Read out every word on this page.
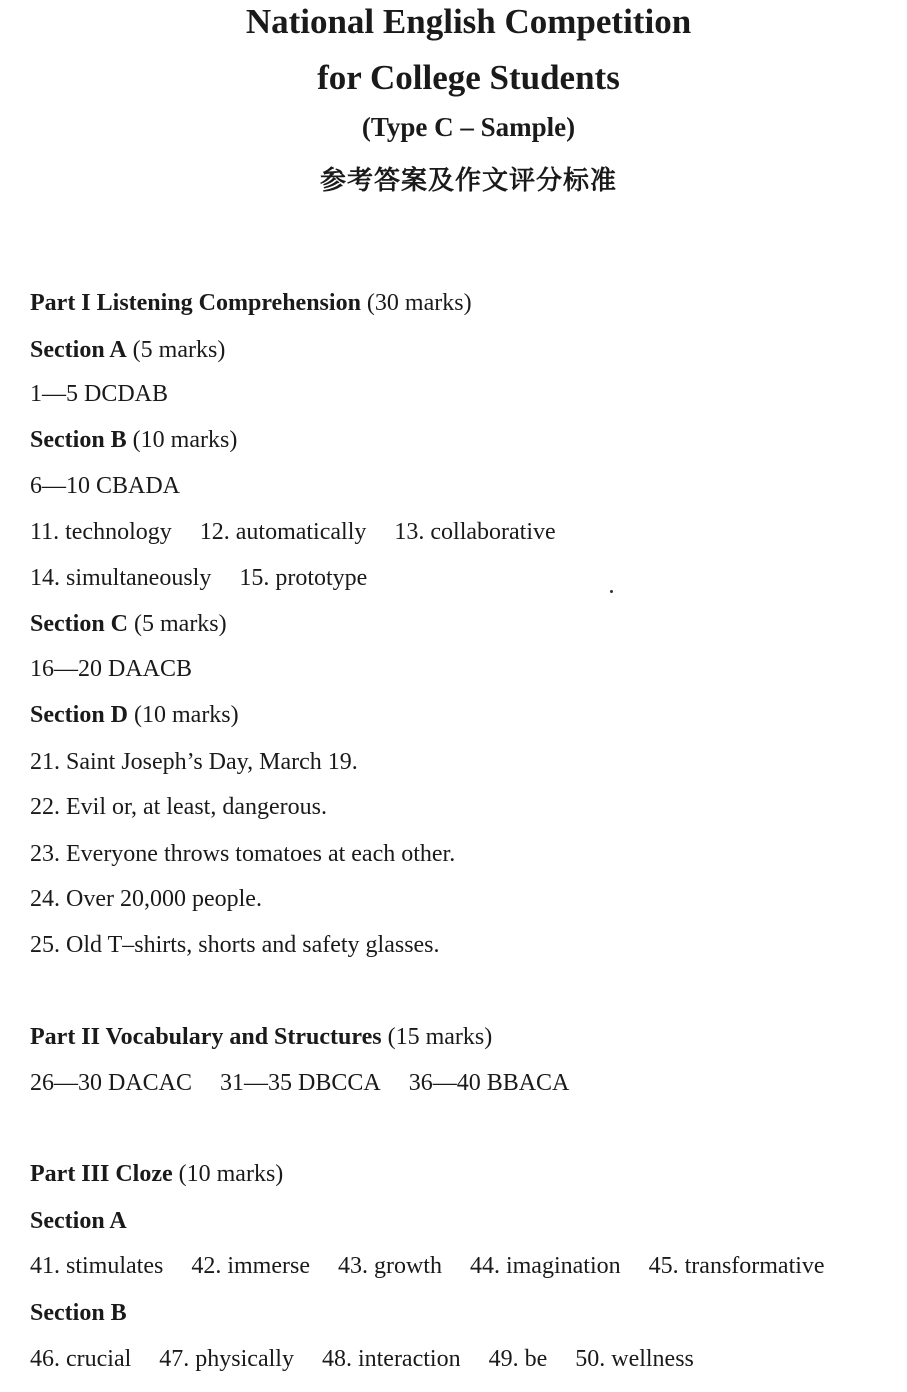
National English Competition
for College Students
(Type C – Sample)
参考答案及作文评分标准
Part I Listening Comprehension (30 marks)
Section A (5 marks)
1—5 DCDAB
Section B (10 marks)
6—10 CBADA
11. technology 12. automatically 13. collaborative
14. simultaneously 15. prototype
Section C (5 marks)
16—20 DAACB
Section D (10 marks)
21. Saint Joseph’s Day, March 19.
22. Evil or, at least, dangerous.
23. Everyone throws tomatoes at each other.
24. Over 20,000 people.
25. Old T–shirts, shorts and safety glasses.
Part II Vocabulary and Structures (15 marks)
26—30 DACAC 31—35 DBCCA 36—40 BBACA
Part III Cloze (10 marks)
Section A
41. stimulates 42. immerse 43. growth 44. imagination 45. transformative
Section B
46. crucial 47. physically 48. interaction 49. be 50. wellness
